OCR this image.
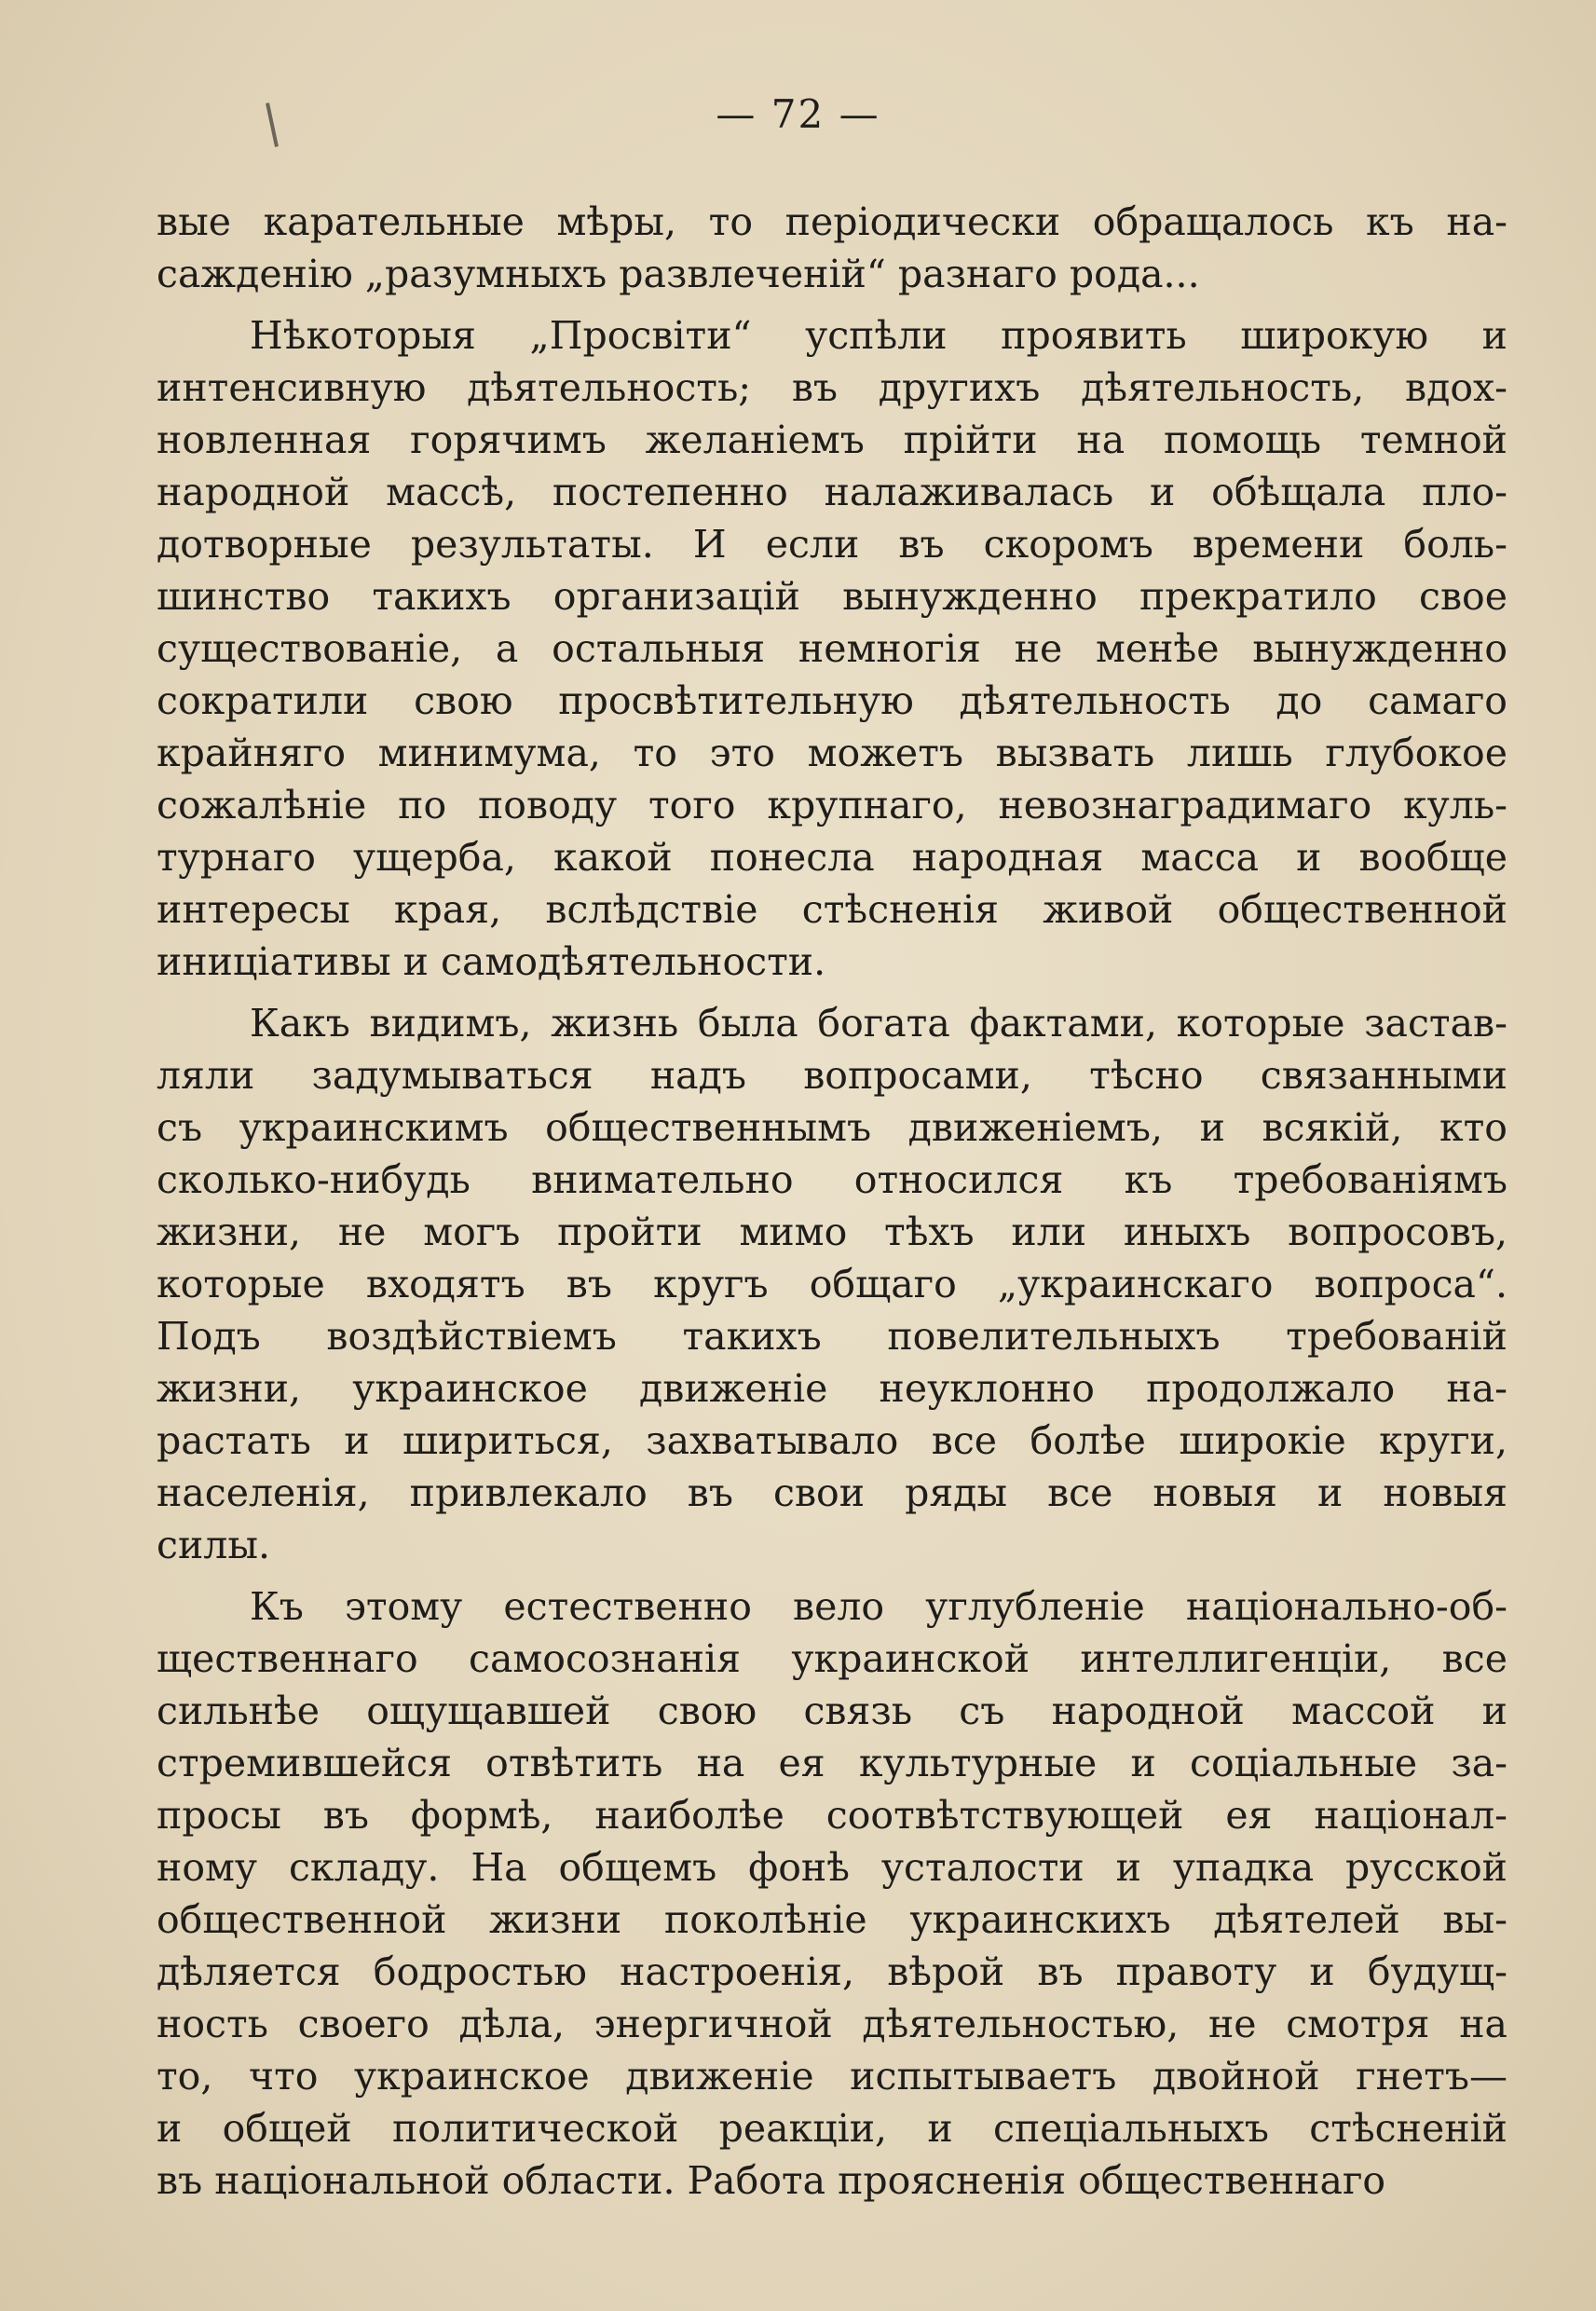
— 72 —
вые карательные мѣры, то періодически обращалось къ на-
сажденію „разумныхъ развлеченій“ разнаго рода...
Нѣкоторыя „Просвіти“ успѣли проявить широкую и
интенсивную дѣятельность; въ другихъ дѣятельность, вдох-
новленная горячимъ желаніемъ прійти на помощь темной
народной массѣ, постепенно налаживалась и обѣщала пло-
дотворные результаты. И если въ скоромъ времени боль-
шинство такихъ организацій вынужденно прекратило свое
существованіе, а остальныя немногія не менѣе вынужденно
сократили свою просвѣтительную дѣятельность до самаго
крайняго минимума, то это можетъ вызвать лишь глубокое
сожалѣніе по поводу того крупнаго, невознаградимаго куль-
турнаго ущерба, какой понесла народная масса и вообще
интересы края, вслѣдствіе стѣсненія живой общественной
иниціативы и самодѣятельности.
Какъ видимъ, жизнь была богата фактами, которые застав-
ляли задумываться надъ вопросами, тѣсно связанными
съ украинскимъ общественнымъ движеніемъ, и всякій, кто
сколько-нибудь внимательно относился къ требованіямъ
жизни, не могъ пройти мимо тѣхъ или иныхъ вопросовъ,
которые входятъ въ кругъ общаго „украинскаго вопроса“.
Подъ воздѣйствіемъ такихъ повелительныхъ требованій
жизни, украинское движеніе неуклонно продолжало на-
растать и шириться, захватывало все болѣе широкіе круги,
населенія, привлекало въ свои ряды все новыя и новыя
силы.
Къ этому естественно вело углубленіе національно-об-
щественнаго самосознанія украинской интеллигенціи, все
сильнѣе ощущавшей свою связь съ народной массой и
стремившейся отвѣтить на ея культурные и соціальные за-
просы въ формѣ, наиболѣе соотвѣтствующей ея націонал-
ному складу. На общемъ фонѣ усталости и упадка русской
общественной жизни поколѣніе украинскихъ дѣятелей вы-
дѣляется бодростью настроенія, вѣрой въ правоту и будущ-
ность своего дѣла, энергичной дѣятельностью, не смотря на
то, что украинское движеніе испытываетъ двойной гнетъ—
и общей политической реакціи, и спеціальныхъ стѣсненій
въ національной области. Работа проясненія общественнаго
